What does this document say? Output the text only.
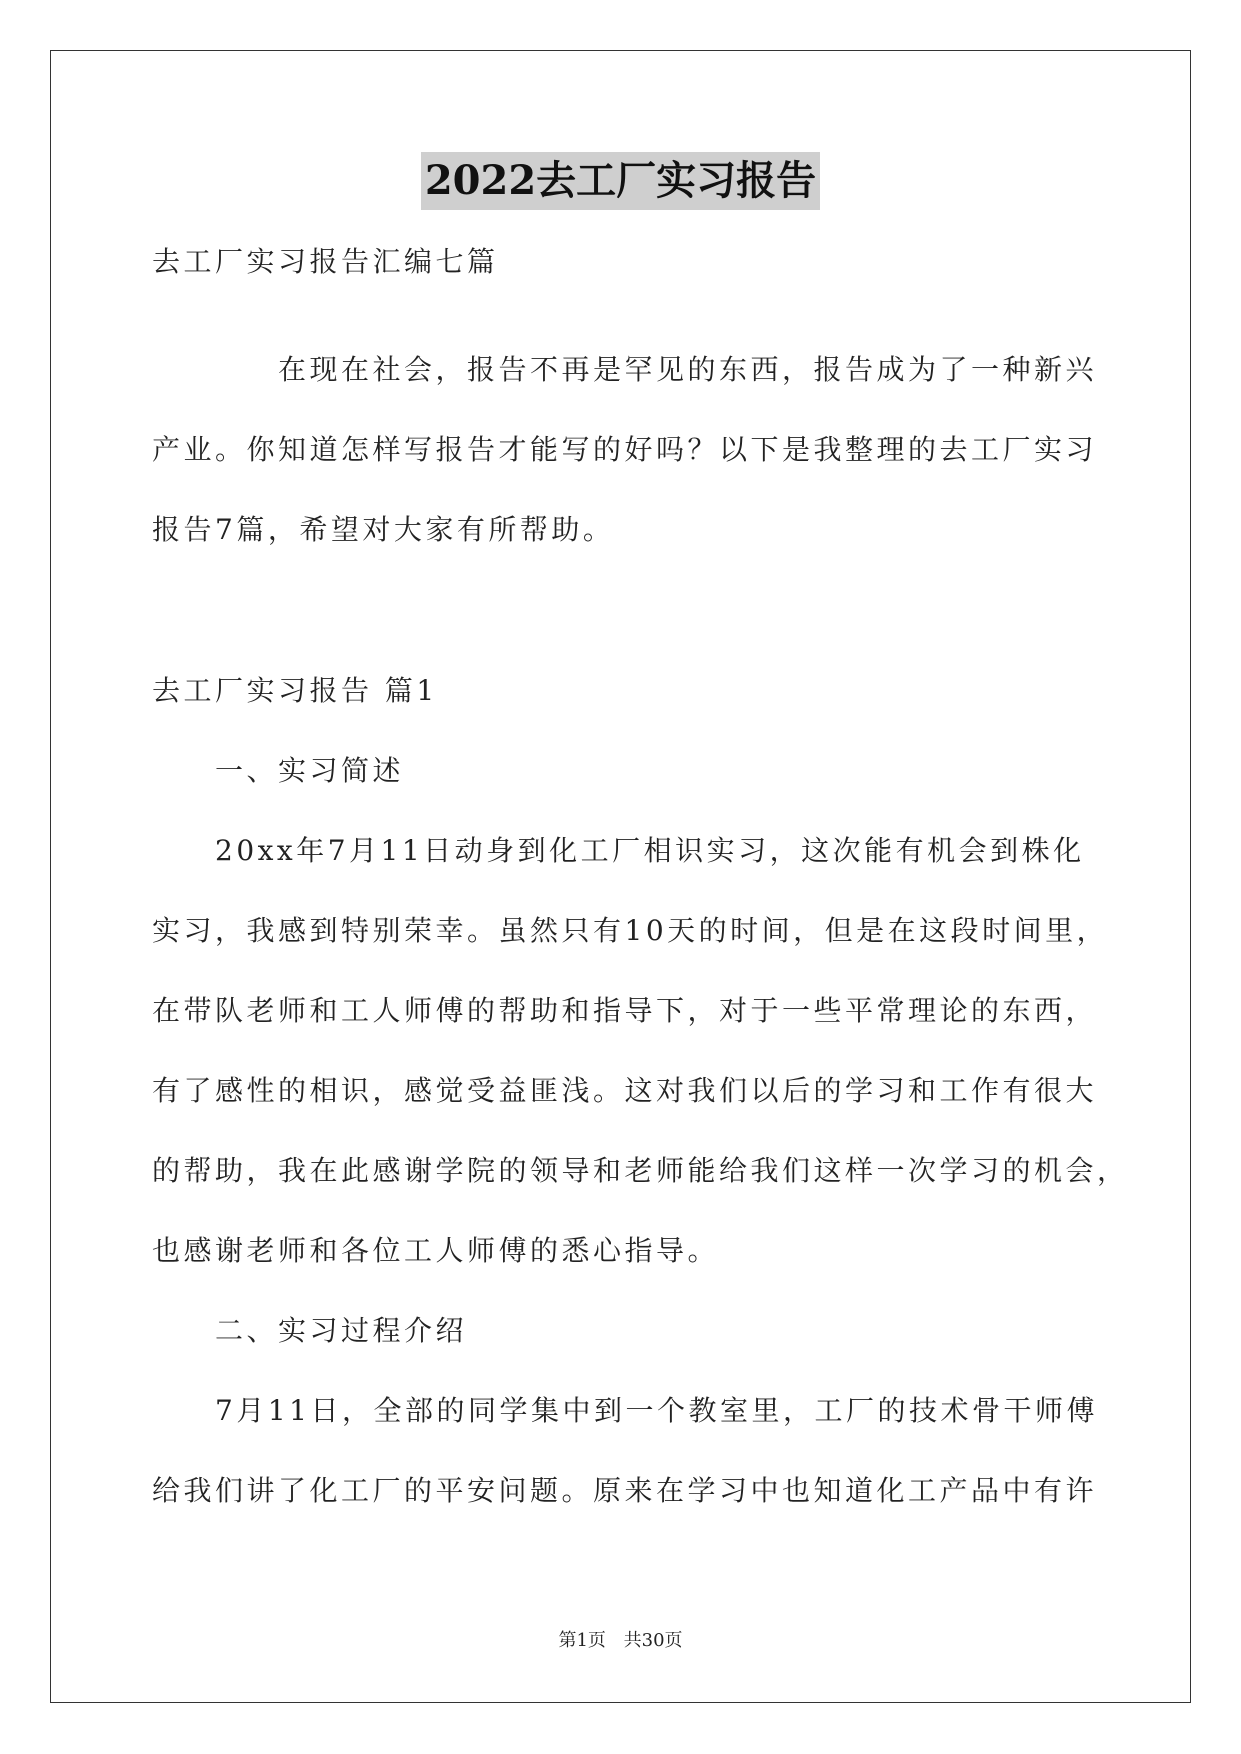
2022去工厂实习报告
去工厂实习报告汇编七篇
　　　　在现在社会，报告不再是罕见的东西，报告成为了一种新兴
产业。你知道怎样写报告才能写的好吗？以下是我整理的去工厂实习
报告7篇，希望对大家有所帮助。
去工厂实习报告 篇1
　　一、实习简述
　　20xx年7月11日动身到化工厂相识实习，这次能有机会到株化
实习，我感到特别荣幸。虽然只有10天的时间，但是在这段时间里，
在带队老师和工人师傅的帮助和指导下，对于一些平常理论的东西，
有了感性的相识，感觉受益匪浅。这对我们以后的学习和工作有很大
的帮助，我在此感谢学院的领导和老师能给我们这样一次学习的机会，
也感谢老师和各位工人师傅的悉心指导。
　　二、实习过程介绍
　　7月11日，全部的同学集中到一个教室里，工厂的技术骨干师傅
给我们讲了化工厂的平安问题。原来在学习中也知道化工产品中有许
第1页 共30页
